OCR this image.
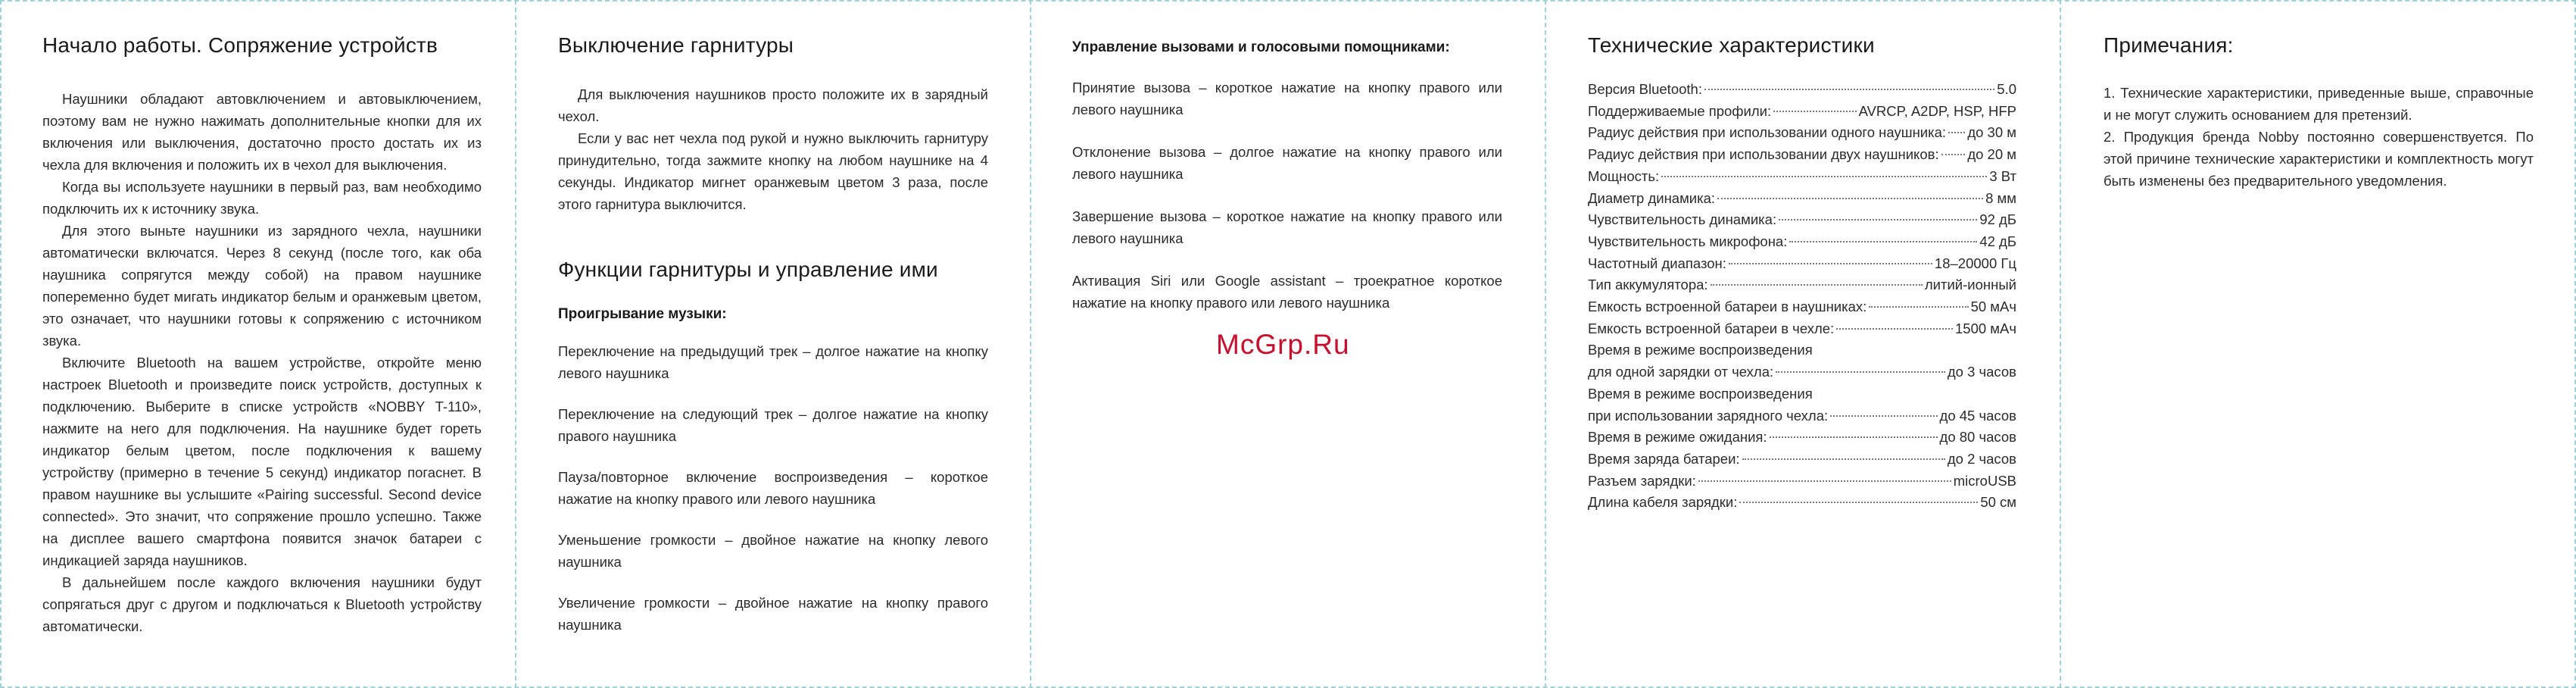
Начало работы. Сопряжение устройств

Наушники обладают автовключением и автовыключением, поэтому вам не нужно нажимать дополнительные кнопки для их включения или выключения, достаточно просто достать их из чехла для включения и положить их в чехол для выключения.

Когда вы используете наушники в первый раз, вам необходимо подключить их к источнику звука.

Для этого выньте наушники из зарядного чехла, наушники автоматически включатся. Через 8 секунд (после того, как оба наушника сопрягутся между собой) на правом наушнике попеременно будет мигать индикатор белым и оранжевым цветом, это означает, что наушники готовы к сопряжению с источником звука.

Включите Bluetooth на вашем устройстве, откройте меню настроек Bluetooth и произведите поиск устройств, доступных к подключению. Выберите в списке устройств «NOBBY T-110», нажмите на него для подключения. На наушнике будет гореть индикатор белым цветом, после подключения к вашему устройству (примерно в течение 5 секунд) индикатор погаснет. В правом наушнике вы услышите «Pairing successful. Second device connected». Это значит, что сопряжение прошло успешно. Также на дисплее вашего смартфона появится значок батареи с индикацией заряда наушников.

В дальнейшем после каждого включения наушники будут сопрягаться друг с другом и подключаться к Bluetooth устройству автоматически.

Выключение гарнитуры

Для выключения наушников просто положите их в зарядный чехол.

Если у вас нет чехла под рукой и нужно выключить гарнитуру принудительно, тогда зажмите кнопку на любом наушнике на 4 секунды. Индикатор мигнет оранжевым цветом 3 раза, после этого гарнитура выключится.

Функции гарнитуры и управление ими
Проигрывание музыки:

Переключение на предыдущий трек – долгое нажатие на кнопку левого наушника

Переключение на следующий трек – долгое нажатие на кнопку правого наушника

Пауза/повторное включение воспроизведения – короткое нажатие на кнопку правого или левого наушника

Уменьшение громкости – двойное нажатие на кнопку левого наушника

Увеличение громкости – двойное нажатие на кнопку правого наушника

Управление вызовами и голосовыми помощниками:

Принятие вызова – короткое нажатие на кнопку правого или левого наушника

Отклонение вызова – долгое нажатие на кнопку правого или левого наушника

Завершение вызова – короткое нажатие на кнопку правого или левого наушника

Активация Siri или Google assistant – троекратное короткое нажатие на кнопку правого или левого наушника

McGrp.Ru
Технические характеристики
Версия Bluetooth:	5.0
Поддерживаемые профили:	AVRCP, A2DP, HSP, HFP
Радиус действия при использовании одного наушника: до 30 м
Радиус действия при использовании двух наушников: до 20 м
Мощность:	3 Вт
Диаметр динамика:	8 мм
Чувствительность динамика:	92 дБ
Чувствительность микрофона:	42 дБ
Частотный диапазон:	18–20000 Гц
Тип аккумулятора:	литий-ионный
Емкость встроенной батареи в наушниках:	50 мАч
Емкость встроенной батареи в чехле:	1500 мАч
Время в режиме воспроизведения
для одной зарядки от чехла:	до 3 часов
Время в режиме воспроизведения
при использовании зарядного чехла:	до 45 часов
Время в режиме ожидания:	до 80 часов
Время заряда батареи:	до 2 часов
Разъем зарядки:	microUSB
Длина кабеля зарядки:	50 см
Примечания:

1. Технические характеристики, приведенные выше, справочные и не могут служить основанием для претензий.

2. Продукция бренда Nobby постоянно совершенствуется. По этой причине технические характеристики и комплектность могут быть изменены без предварительного уведомления.
